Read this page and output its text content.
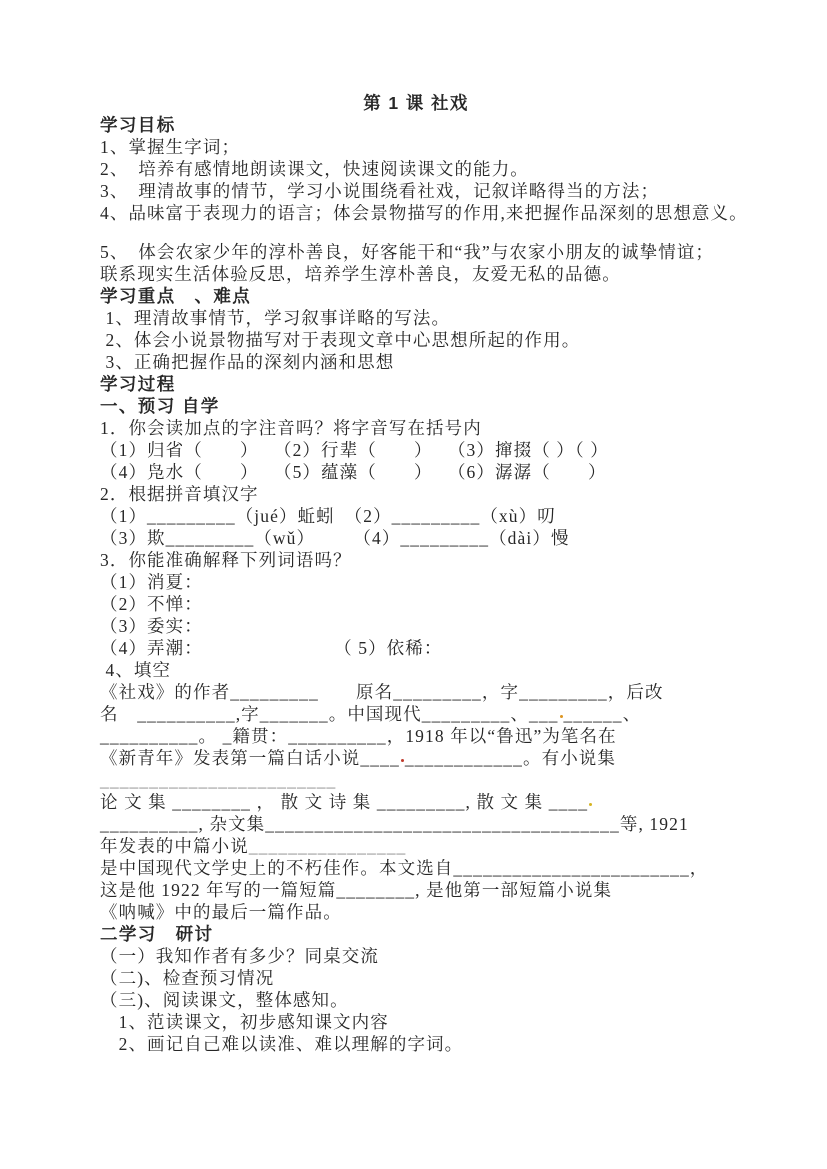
第 1 课 社戏
学习目标
1、掌握生字词；
2、　培养有感情地朗读课文，快速阅读课文的能力。
3、　理清故事的情节，学习小说围绕看社戏，记叙详略得当的方法；
4、品味富于表现力的语言；体会景物描写的作用,来把握作品深刻的思想意义。
5、　体会农家少年的淳朴善良，好客能干和“我”与农家小朋友的诚挚情谊；
联系现实生活体验反思，培养学生淳朴善良，友爱无私的品德。
学习重点　、难点
1、理清故事情节，学习叙事详略的写法。
2、体会小说景物描写对于表现文章中心思想所起的作用。
3、正确把握作品的深刻内涵和思想
学习过程
一、预习 自学
1．你会读加点的字注音吗？将字音写在括号内
（1）归省（　　）　 （2）行辈（　　）　 （3）撺掇（ ）（ ）
（4）凫水（　　）　 （5）蕴藻（　　）　 （6）潺潺（　　）
2．根据拼音填汉字
（1）_________（jué）蚯蚓　（2）_________（xù）叨
（3）欺_________（wǔ）　　　（4）_________（dài）慢
3．你能准确解释下列词语吗？
（1）消夏：
（2）不惮：
（3）委实：
（4）弄潮：　　　　　　　　（ 5）依稀：
4、填空
《社戏》的作者_________　　原名_________，字_________，后改
名　__________,字_______。中国现代_________、___ ______、
__________。 _籍贯：__________，1918 年以“鲁迅”为笔名在
《新青年》发表第一篇白话小说____ ____________。有小说集
________________________
论 文 集 ________ ， 散 文 诗 集 _________, 散 文 集 ____
__________, 杂文集____________________________________等, 1921
年发表的中篇小说________________
是中国现代文学史上的不朽佳作。本文选自________________________，
这是他 1922 年写的一篇短篇________, 是他第一部短篇小说集
《呐喊》中的最后一篇作品。
二学习　研讨
（一）我知作者有多少？同桌交流
（二)、检查预习情况
（三)、阅读课文，整体感知。
　1、范读课文，初步感知课文内容
　2、画记自己难以读准、难以理解的字词。
